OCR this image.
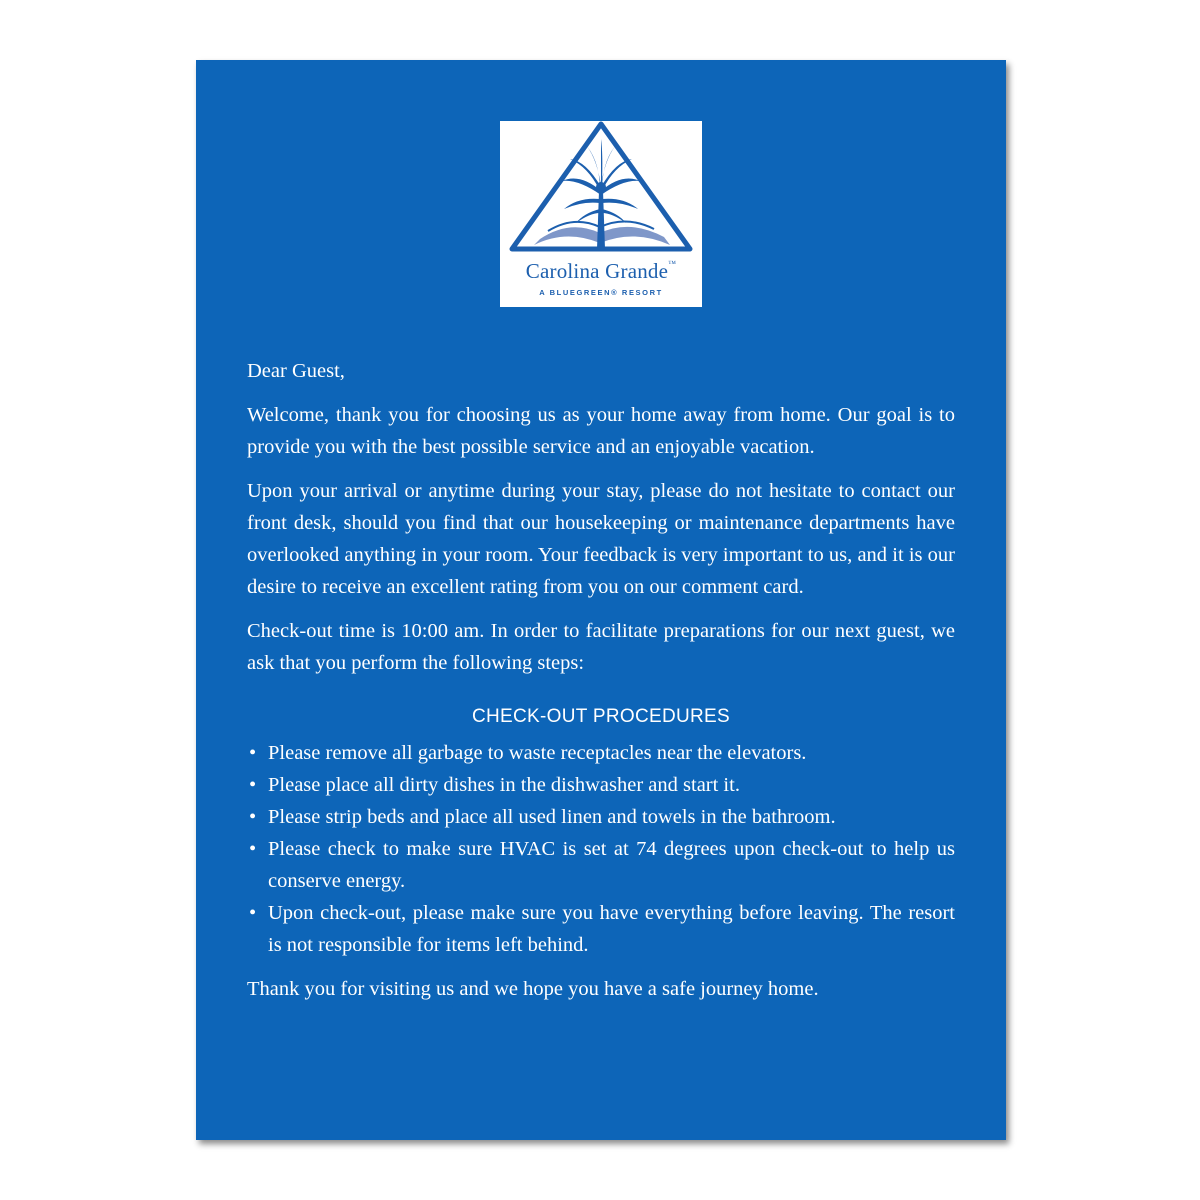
Carolina Grande™
A BLUEGREEN® RESORT

Dear Guest,

Welcome, thank you for choosing us as your home away from home. Our goal is to provide you with the best possible service and an enjoyable vacation.

Upon your arrival or anytime during your stay, please do not hesitate to contact our front desk, should you find that our housekeeping or maintenance departments have overlooked anything in your room. Your feedback is very important to us, and it is our desire to receive an excellent rating from you on our comment card.

Check-out time is 10:00 am. In order to facilitate preparations for our next guest, we ask that you perform the following steps:

CHECK-OUT PROCEDURES
• Please remove all garbage to waste receptacles near the elevators.
• Please place all dirty dishes in the dishwasher and start it.
• Please strip beds and place all used linen and towels in the bathroom.
• Please check to make sure HVAC is set at 74 degrees upon check-out to help us conserve energy.
• Upon check-out, please make sure you have everything before leaving. The resort is not responsible for items left behind.

Thank you for visiting us and we hope you have a safe journey home.
